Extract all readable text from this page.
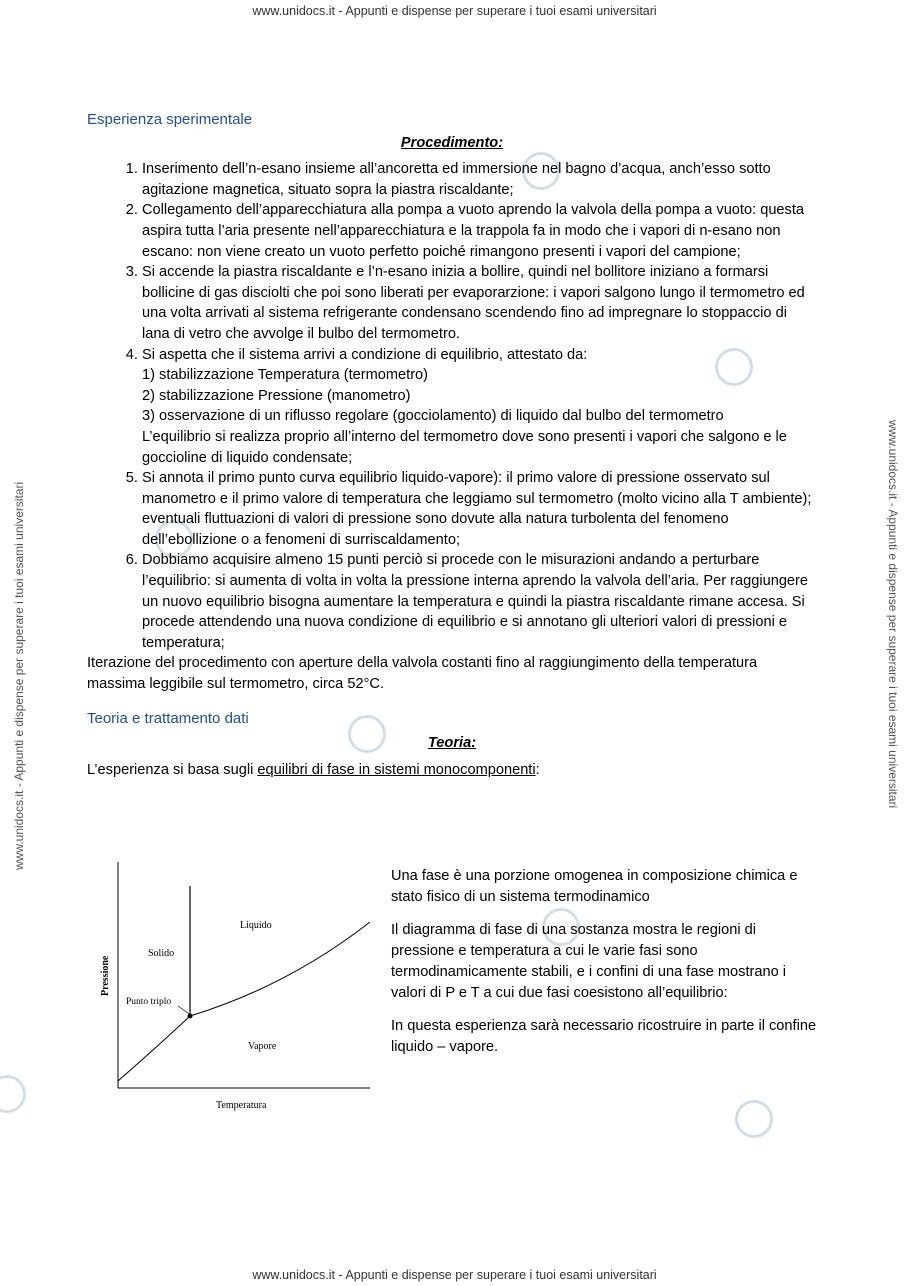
www.unidocs.it - Appunti e dispense per superare i tuoi esami universitari
www.unidocs.it - Appunti e dispense per superare i tuoi esami universitari
www.unidocs.it - Appunti e dispense per superare i tuoi esami universitari	www.unidocs.it - Appunti e dispense per superare i tuoi esami universitari

Esperienza sperimentale

Procedimento:

1. Inserimento dell’n-esano insieme all’ancoretta ed immersione nel bagno d’acqua, anch’esso sotto agitazione magnetica, situato sopra la piastra riscaldante;
2. Collegamento dell’apparecchiatura alla pompa a vuoto aprendo la valvola della pompa a vuoto: questa aspira tutta l’aria presente nell’apparecchiatura e la trappola fa in modo che i vapori di n-esano non escano: non viene creato un vuoto perfetto poiché rimangono presenti i vapori del campione;
3. Si accende la piastra riscaldante e l’n-esano inizia a bollire, quindi nel bollitore iniziano a formarsi bollicine di gas disciolti che poi sono liberati per evaporarzione: i vapori salgono lungo il termometro ed una volta arrivati al sistema refrigerante condensano scendendo fino ad impregnare lo stoppaccio di lana di vetro che avvolge il bulbo del termometro.
4. Si aspetta che il sistema arrivi a condizione di equilibrio, attestato da:
1) stabilizzazione Temperatura (termometro)
2) stabilizzazione Pressione (manometro)
3) osservazione di un riflusso regolare (gocciolamento) di liquido dal bulbo del termometro
L’equilibrio si realizza proprio all’interno del termometro dove sono presenti i vapori che salgono e le goccioline di liquido condensate;
5. Si annota il primo punto curva equilibrio liquido-vapore): il primo valore di pressione osservato sul manometro e il primo valore di temperatura che leggiamo sul termometro (molto vicino alla T ambiente); eventuali fluttuazioni di valori di pressione sono dovute alla natura turbolenta del fenomeno dell’ebollizione o a fenomeni di surriscaldamento;
6. Dobbiamo acquisire almeno 15 punti perciò si procede con le misurazioni andando a perturbare l’equilibrio: si aumenta di volta in volta la pressione interna aprendo la valvola dell’aria. Per raggiungere un nuovo equilibrio bisogna aumentare la temperatura e quindi la piastra riscaldante rimane accesa. Si procede attendendo una nuova condizione di equilibrio e si annotano gli ulteriori valori di pressioni e temperatura;

Iterazione del procedimento con aperture della valvola costanti fino al raggiungimento della temperatura massima leggibile sul termometro, circa 52°C.

Teoria e trattamento dati

Teoria:

L’esperienza si basa sugli equilibri di fase in sistemi monocomponenti:

Solido
Liquido
Vapore
Punto triplo
Pressione
Temperatura

Una fase è una porzione omogenea in composizione chimica e stato fisico di un sistema termodinamico

Il diagramma di fase di una sostanza mostra le regioni di pressione e temperatura a cui le varie fasi sono termodinamicamente stabili, e i confini di una fase mostrano i valori di P e T a cui due fasi coesistono all’equilibrio:

In questa esperienza sarà necessario ricostruire in parte il confine liquido – vapore.
